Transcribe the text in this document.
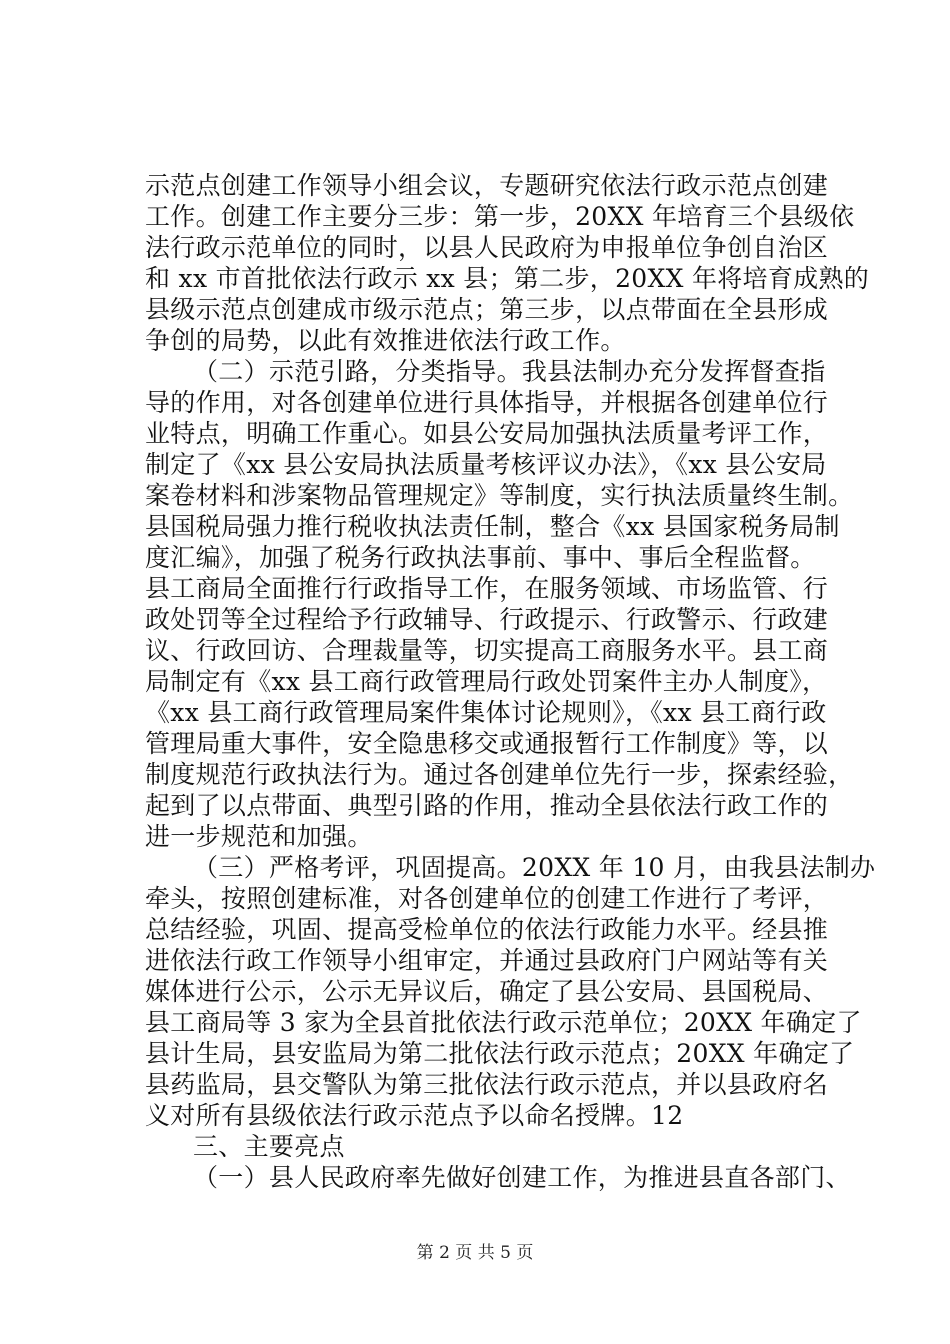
示范点创建工作领导小组会议，专题研究依法行政示范点创建
工作。创建工作主要分三步：第一步，20XX 年培育三个县级依
法行政示范单位的同时，以县人民政府为申报单位争创自治区
和 xx 市首批依法行政示 xx 县；第二步，20XX 年将培育成熟的
县级示范点创建成市级示范点；第三步，以点带面在全县形成
争创的局势，以此有效推进依法行政工作。
（二）示范引路，分类指导。我县法制办充分发挥督查指
导的作用，对各创建单位进行具体指导，并根据各创建单位行
业特点，明确工作重心。如县公安局加强执法质量考评工作，
制定了《xx 县公安局执法质量考核评议办法》，《xx 县公安局
案卷材料和涉案物品管理规定》等制度，实行执法质量终生制。
县国税局强力推行税收执法责任制，整合《xx 县国家税务局制
度汇编》，加强了税务行政执法事前、事中、事后全程监督。
县工商局全面推行行政指导工作，在服务领域、市场监管、行
政处罚等全过程给予行政辅导、行政提示、行政警示、行政建
议、行政回访、合理裁量等，切实提高工商服务水平。县工商
局制定有《xx 县工商行政管理局行政处罚案件主办人制度》，
《xx 县工商行政管理局案件集体讨论规则》，《xx 县工商行政
管理局重大事件，安全隐患移交或通报暂行工作制度》等，以
制度规范行政执法行为。通过各创建单位先行一步，探索经验，
起到了以点带面、典型引路的作用，推动全县依法行政工作的
进一步规范和加强。
（三）严格考评，巩固提高。20XX 年 10 月，由我县法制办
牵头，按照创建标准，对各创建单位的创建工作进行了考评，
总结经验，巩固、提高受检单位的依法行政能力水平。经县推
进依法行政工作领导小组审定，并通过县政府门户网站等有关
媒体进行公示，公示无异议后，确定了县公安局、县国税局、
县工商局等 3 家为全县首批依法行政示范单位；20XX 年确定了
县计生局，县安监局为第二批依法行政示范点；20XX 年确定了
县药监局，县交警队为第三批依法行政示范点，并以县政府名
义对所有县级依法行政示范点予以命名授牌。12
三、主要亮点
（一）县人民政府率先做好创建工作，为推进县直各部门、
第 2 页 共 5 页
